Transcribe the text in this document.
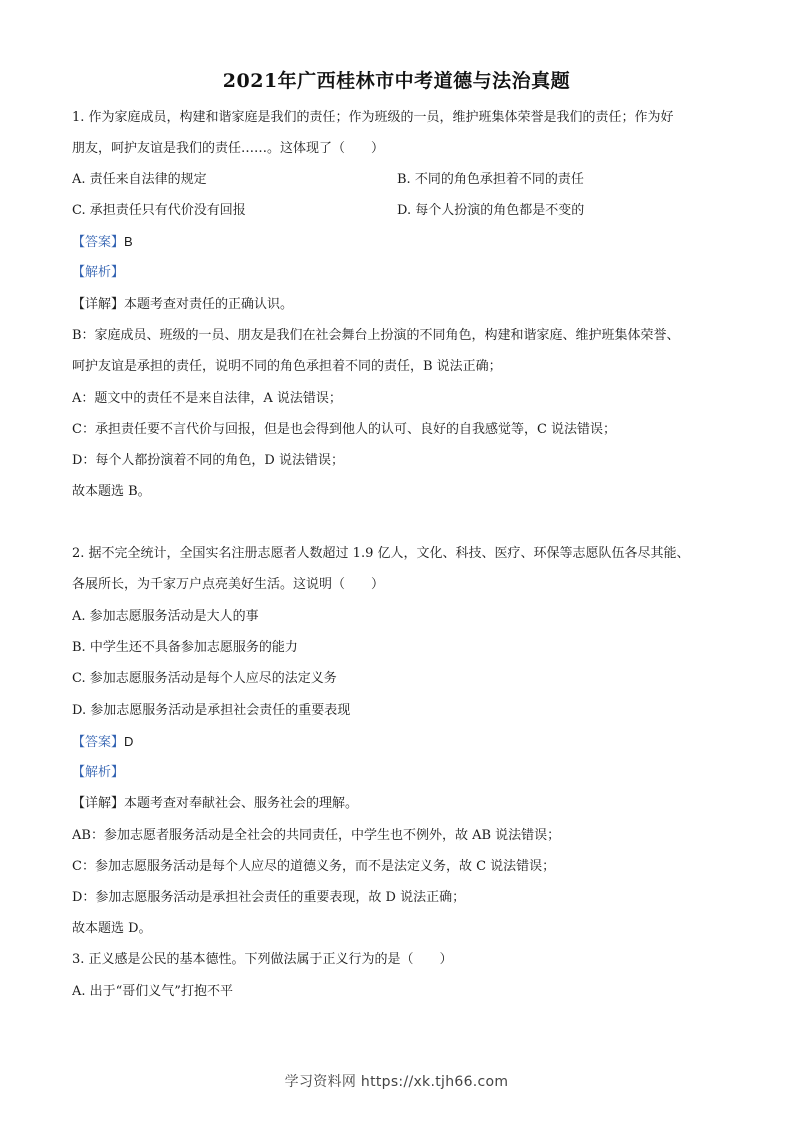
2021年广西桂林市中考道德与法治真题
1. 作为家庭成员，构建和谐家庭是我们的责任；作为班级的一员，维护班集体荣誉是我们的责任；作为好
朋友，呵护友谊是我们的责任……。这体现了（　　）
A. 责任来自法律的规定	B. 不同的角色承担着不同的责任
C. 承担责任只有代价没有回报	D. 每个人扮演的角色都是不变的
【答案】B
【解析】
【详解】本题考查对责任的正确认识。
B：家庭成员、班级的一员、朋友是我们在社会舞台上扮演的不同角色，构建和谐家庭、维护班集体荣誉、
呵护友谊是承担的责任，说明不同的角色承担着不同的责任，B 说法正确；
A：题文中的责任不是来自法律，A 说法错误；
C：承担责任要不言代价与回报，但是也会得到他人的认可、良好的自我感觉等，C 说法错误；
D：每个人都扮演着不同的角色，D 说法错误；
故本题选 B。
2. 据不完全统计，全国实名注册志愿者人数超过 1.9 亿人，文化、科技、医疗、环保等志愿队伍各尽其能、
各展所长，为千家万户点亮美好生活。这说明（　　）
A. 参加志愿服务活动是大人的事
B. 中学生还不具备参加志愿服务的能力
C. 参加志愿服务活动是每个人应尽的法定义务
D. 参加志愿服务活动是承担社会责任的重要表现
【答案】D
【解析】
【详解】本题考查对奉献社会、服务社会的理解。
AB：参加志愿者服务活动是全社会的共同责任，中学生也不例外，故 AB 说法错误；
C：参加志愿服务活动是每个人应尽的道德义务，而不是法定义务，故 C 说法错误；
D：参加志愿服务活动是承担社会责任的重要表现，故 D 说法正确；
故本题选 D。
3. 正义感是公民的基本德性。下列做法属于正义行为的是（　　）
A. 出于“哥们义气”打抱不平
学习资料网 https://xk.tjh66.com
